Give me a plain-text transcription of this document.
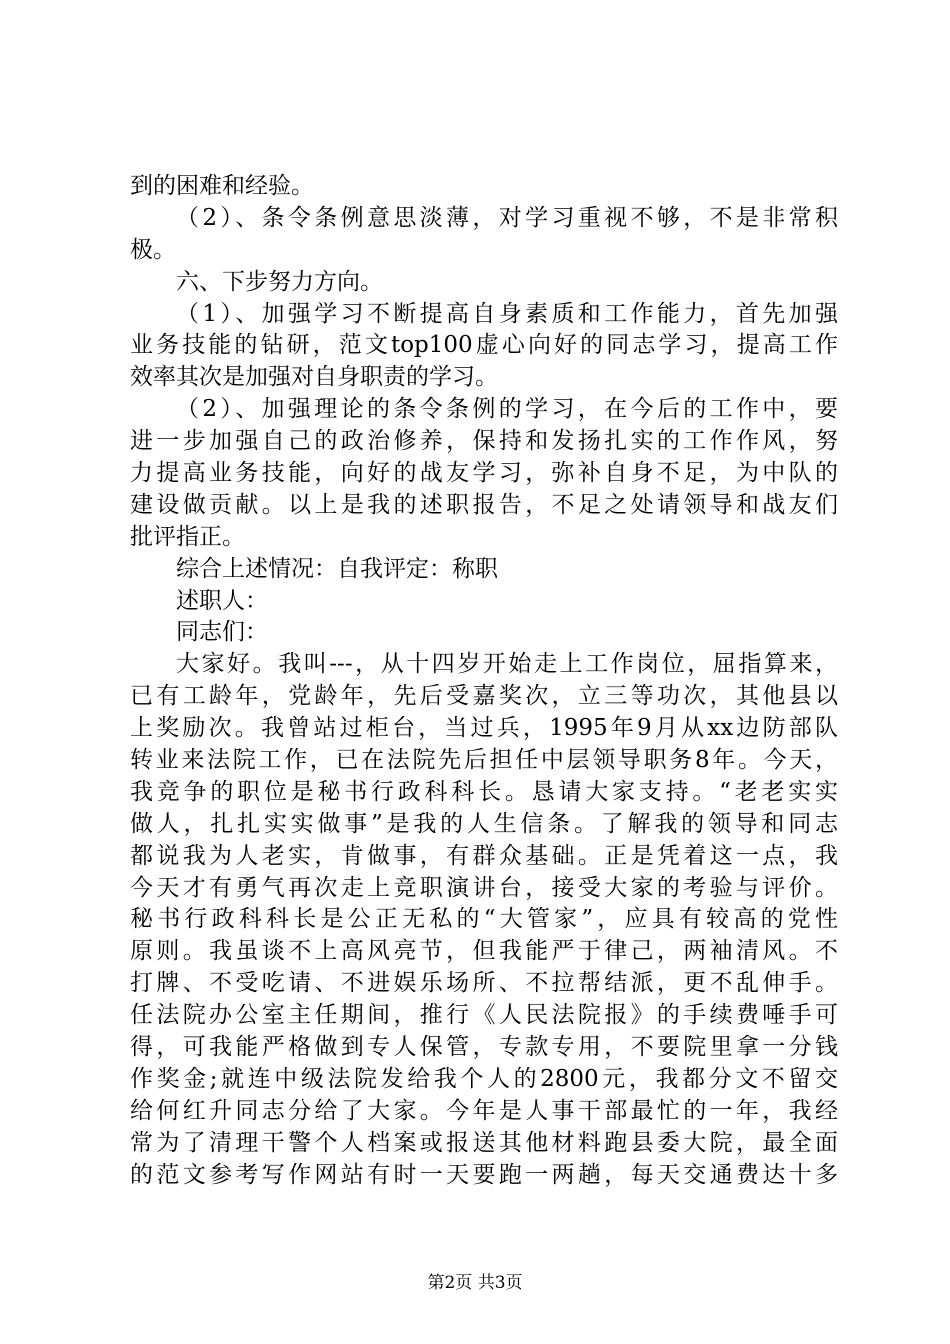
到的困难和经验。
（2）、条令条例意思淡薄，对学习重视不够，不是非常积
极。
六、下步努力方向。
（1）、加强学习不断提高自身素质和工作能力，首先加强
业务技能的钻研，范文top100虚心向好的同志学习，提高工作
效率其次是加强对自身职责的学习。
（2）、加强理论的条令条例的学习，在今后的工作中，要
进一步加强自己的政治修养，保持和发扬扎实的工作作风，努
力提高业务技能，向好的战友学习，弥补自身不足，为中队的
建设做贡献。以上是我的述职报告，不足之处请领导和战友们
批评指正。
综合上述情况：自我评定：称职
述职人：
同志们：
大家好。我叫---，从十四岁开始走上工作岗位，屈指算来，
已有工龄年，党龄年，先后受嘉奖次，立三等功次，其他县以
上奖励次。我曾站过柜台，当过兵，1995年9月从xx边防部队
转业来法院工作，已在法院先后担任中层领导职务8年。今天，
我竞争的职位是秘书行政科科长。恳请大家支持。“老老实实
做人，扎扎实实做事”是我的人生信条。了解我的领导和同志
都说我为人老实，肯做事，有群众基础。正是凭着这一点，我
今天才有勇气再次走上竞职演讲台，接受大家的考验与评价。
秘书行政科科长是公正无私的“大管家”，应具有较高的党性
原则。我虽谈不上高风亮节，但我能严于律己，两袖清风。不
打牌、不受吃请、不进娱乐场所、不拉帮结派，更不乱伸手。
任法院办公室主任期间，推行《人民法院报》的手续费唾手可
得，可我能严格做到专人保管，专款专用，不要院里拿一分钱
作奖金;就连中级法院发给我个人的2800元，我都分文不留交
给何红升同志分给了大家。今年是人事干部最忙的一年，我经
常为了清理干警个人档案或报送其他材料跑县委大院，最全面
的范文参考写作网站有时一天要跑一两趟，每天交通费达十多
第2页 共3页
